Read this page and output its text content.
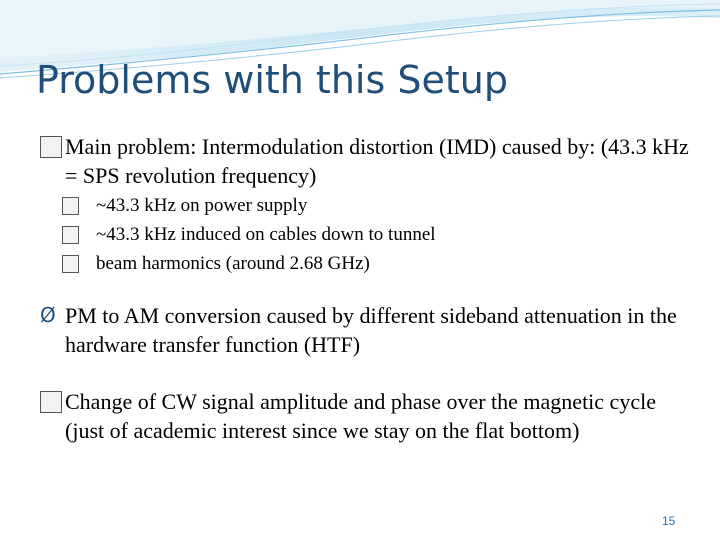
Problems with this Setup
Main problem: Intermodulation distortion (IMD) caused by: (43.3 kHz = SPS revolution frequency)
~43.3 kHz on power supply
~43.3 kHz induced on cables down to tunnel
beam harmonics (around 2.68 GHz)
Ø PM to AM conversion caused by different sideband attenuation in the hardware transfer function (HTF)
Change of CW signal amplitude and phase over the magnetic cycle (just of academic interest since we stay on the flat bottom)
15
